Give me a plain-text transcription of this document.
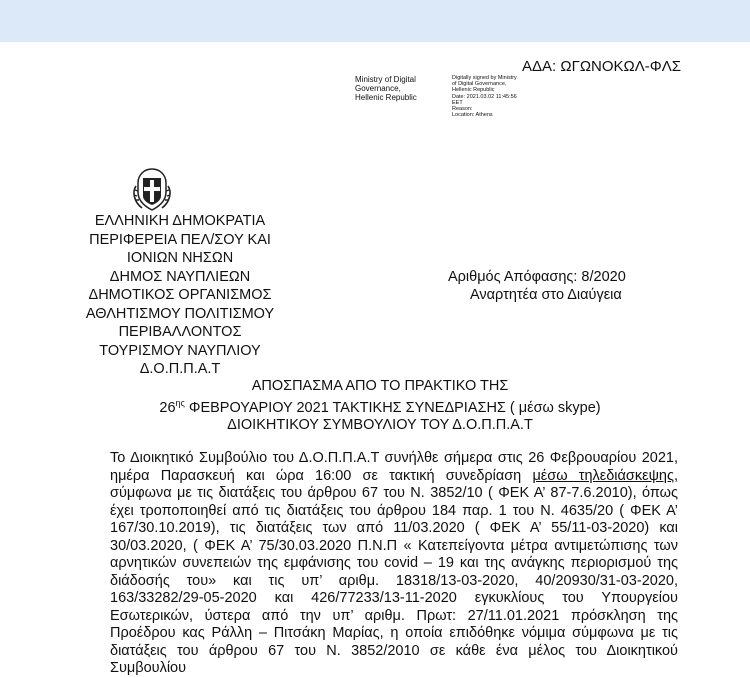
ΑΔΑ: ΩΓΩΝΟΚΩΛ-ΦΛΣ
Ministry of Digital
Governance,
Hellenic Republic
Digitally signed by Ministry
of Digital Governance,
Hellenic Republic
Date: 2021.03.02 11:45:56
EET
Reason:
Location: Athens
ΕΛΛΗΝΙΚΗ ΔΗΜΟΚΡΑΤΙΑ
ΠΕΡΙΦΕΡΕΙΑ ΠΕΛ/ΣΟΥ ΚΑΙ
ΙΟΝΙΩΝ ΝΗΣΩΝ
ΔΗΜΟΣ ΝΑΥΠΛΙΕΩΝ
ΔΗΜΟΤΙΚΟΣ ΟΡΓΑΝΙΣΜΟΣ
ΑΘΛΗΤΙΣΜΟΥ ΠΟΛΙΤΙΣΜΟΥ
ΠΕΡΙΒΑΛΛΟΝΤΟΣ
ΤΟΥΡΙΣΜΟΥ ΝΑΥΠΛΙΟΥ
Δ.Ο.Π.Π.Α.Τ
Αριθμός Απόφασης: 8/2020
Αναρτητέα στο Διαύγεια
ΑΠΟΣΠΑΣΜΑ ΑΠΟ ΤΟ ΠΡΑΚΤΙΚΟ ΤΗΣ
$26^{\eta\varsigma}$ ΦΕΒΡΟΥΑΡΙΟΥ 2021 ΤΑΚΤΙΚΗΣ ΣΥΝΕΔΡΙΑΣΗΣ ( μέσω skype)
ΔΙΟΙΚΗΤΙΚΟΥ ΣΥΜΒΟΥΛΙΟΥ ΤΟΥ Δ.Ο.Π.Π.Α.Τ

Το Διοικητικό Συμβούλιο του Δ.Ο.Π.Π.Α.Τ συνήλθε σήμερα στις 26 Φεβρουαρίου 2021, ημέρα Παρασκευή και ώρα 16:00 σε τακτική συνεδρίαση μέσω τηλεδιάσκεψης, σύμφωνα με τις διατάξεις του άρθρου 67 του Ν. 3852/10 ( ΦΕΚ Α’ 87-7.6.2010), όπως έχει τροποποιηθεί από τις διατάξεις του άρθρου 184 παρ. 1 του Ν. 4635/20 ( ΦΕΚ Α’ 167/30.10.2019), τις διατάξεις των από 11/03.2020 ( ΦΕΚ Α’ 55/11-03-2020) και 30/03.2020, ( ΦΕΚ Α’ 75/30.03.2020 Π.Ν.Π « Κατεπείγοντα μέτρα αντιμετώπισης των αρνητικών συνεπειών της εμφάνισης του covid – 19 και της ανάγκης περιορισμού της διάδοσής του» και τις υπ’ αριθμ. 18318/13-03-2020, 40/20930/31-03-2020, 163/33282/29-05-2020 και 426/77233/13-11-2020 εγκυκλίους του Υπουργείου Εσωτερικών, ύστερα από την υπ’ αριθμ. Πρωτ: 27/11.01.2021 πρόσκληση της Προέδρου κας Ράλλη – Πιτσάκη Μαρίας, η οποία επιδόθηκε νόμιμα σύμφωνα με τις διατάξεις του άρθρου 67 του Ν. 3852/2010 σε κάθε ένα μέλος του Διοικητικού Συμβουλίου
